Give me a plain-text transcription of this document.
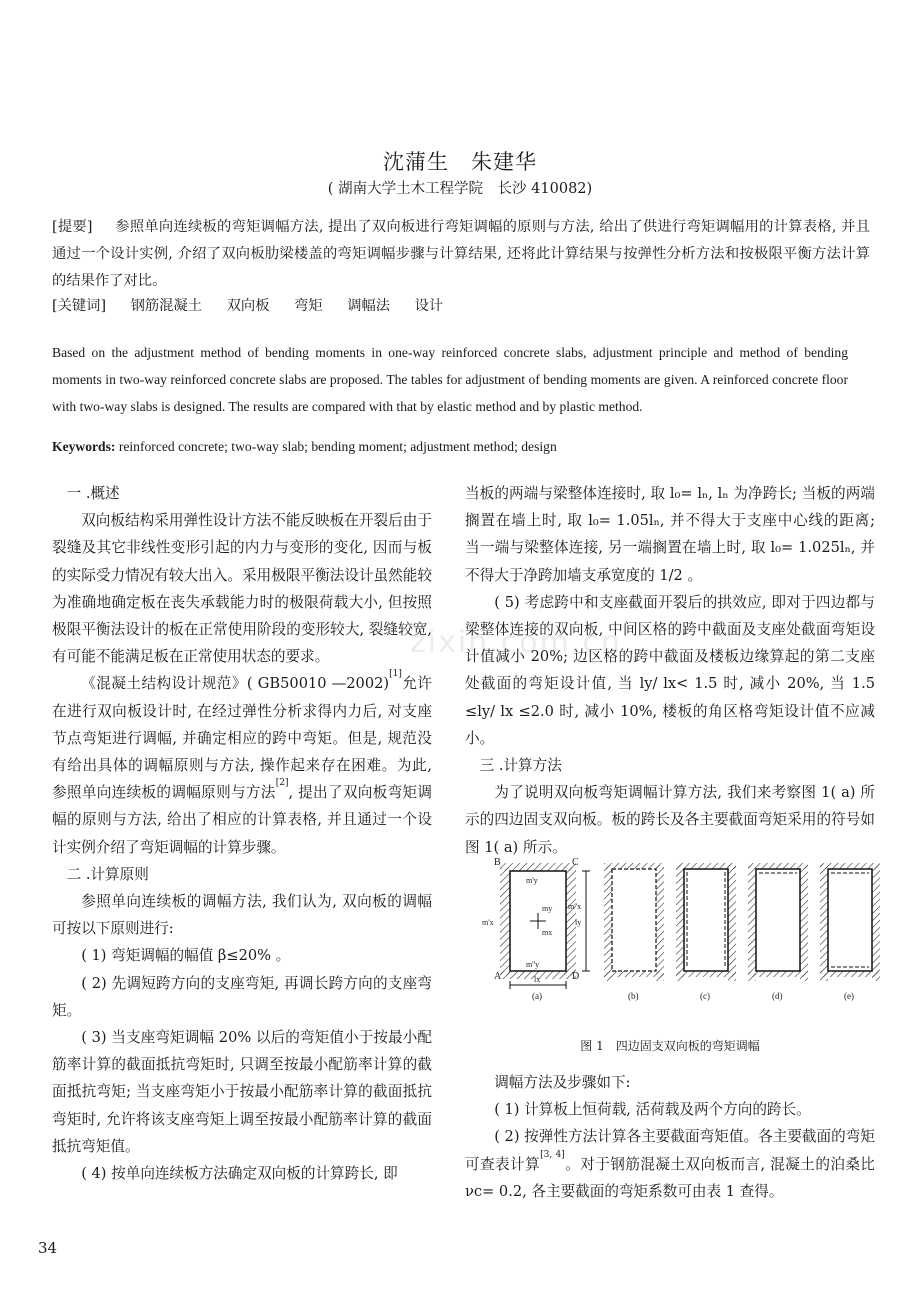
zixin.com.cn
沈蒲生　朱建华
( 湖南大学土木工程学院　长沙 410082)
[提要] 参照单向连续板的弯矩调幅方法, 提出了双向板进行弯矩调幅的原则与方法, 给出了供进行弯矩调幅用的计算表格, 并且通过一个设计实例, 介绍了双向板肋梁楼盖的弯矩调幅步骤与计算结果, 还将此计算结果与按弹性分析方法和按极限平衡方法计算的结果作了对比。
[关键词] 钢筋混凝土 双向板 弯矩 调幅法 设计
Based on the adjustment method of bending moments in one-way reinforced concrete slabs, adjustment principle and method of bending moments in two-way reinforced concrete slabs are proposed. The tables for adjustment of bending moments are given. A reinforced concrete floor with two-way slabs is designed. The results are compared with that by elastic method and by plastic method.
Keywords: reinforced concrete; two-way slab; bending moment; adjustment method; design

一 .概述

双向板结构采用弹性设计方法不能反映板在开裂后由于裂缝及其它非线性变形引起的内力与变形的变化, 因而与板的实际受力情况有较大出入。采用极限平衡法设计虽然能较为准确地确定板在丧失承载能力时的极限荷载大小, 但按照极限平衡法设计的板在正常使用阶段的变形较大, 裂缝较宽, 有可能不能满足板在正常使用状态的要求。

《混凝土结构设计规范》( GB50010 —2002)[1]允许在进行双向板设计时, 在经过弹性分析求得内力后, 对支座节点弯矩进行调幅, 并确定相应的跨中弯矩。但是, 规范没有给出具体的调幅原则与方法, 操作起来存在困难。为此, 参照单向连续板的调幅原则与方法[2], 提出了双向板弯矩调幅的原则与方法, 给出了相应的计算表格, 并且通过一个设计实例介绍了弯矩调幅的计算步骤。

二 .计算原则

参照单向连续板的调幅方法, 我们认为, 双向板的调幅可按以下原则进行:

( 1) 弯矩调幅的幅值 β≤20% 。

( 2) 先调短跨方向的支座弯矩, 再调长跨方向的支座弯矩。

( 3) 当支座弯矩调幅 20% 以后的弯矩值小于按最小配筋率计算的截面抵抗弯矩时, 只调至按最小配筋率计算的截面抵抗弯矩; 当支座弯矩小于按最小配筋率计算的截面抵抗弯矩时, 允许将该支座弯矩上调至按最小配筋率计算的截面抵抗弯矩值。

( 4) 按单向连续板方法确定双向板的计算跨长, 即

当板的两端与梁整体连接时, 取 l₀= lₙ, lₙ 为净跨长; 当板的两端搁置在墙上时, 取 l₀= 1.05lₙ, 并不得大于支座中心线的距离; 当一端与梁整体连接, 另一端搁置在墙上时, 取 l₀= 1.025lₙ, 并不得大于净跨加墙支承宽度的 1/2 。

( 5) 考虑跨中和支座截面开裂后的拱效应, 即对于四边都与梁整体连接的双向板, 中间区格的跨中截面及支座处截面弯矩设计值减小 20%; 边区格的跨中截面及楼板边缘算起的第二支座处截面的弯矩设计值, 当 ly/ lx< 1.5 时, 减小 20%, 当 1.5 ≤ly/ lx ≤2.0 时, 减小 10%, 楼板的角区格弯矩设计值不应减小。

三 .计算方法

为了说明双向板弯矩调幅计算方法, 我们来考察图 1( a) 所示的四边固支双向板。板的跨长及各主要截面弯矩采用的符号如图 1( a) 所示。

B	C
A	D
m'y
m''y
m'x
m''x
my
mx
ly
lx
(a)	(b)	(c)	(d)	(e)
图 1　四边固支双向板的弯矩调幅

调幅方法及步骤如下:

( 1) 计算板上恒荷载, 活荷载及两个方向的跨长。

( 2) 按弹性方法计算各主要截面弯矩值。各主要截面的弯矩可查表计算[3, 4]。对于钢筋混凝土双向板而言, 混凝土的泊桑比 νc= 0.2, 各主要截面的弯矩系数可由表 1 查得。

34
